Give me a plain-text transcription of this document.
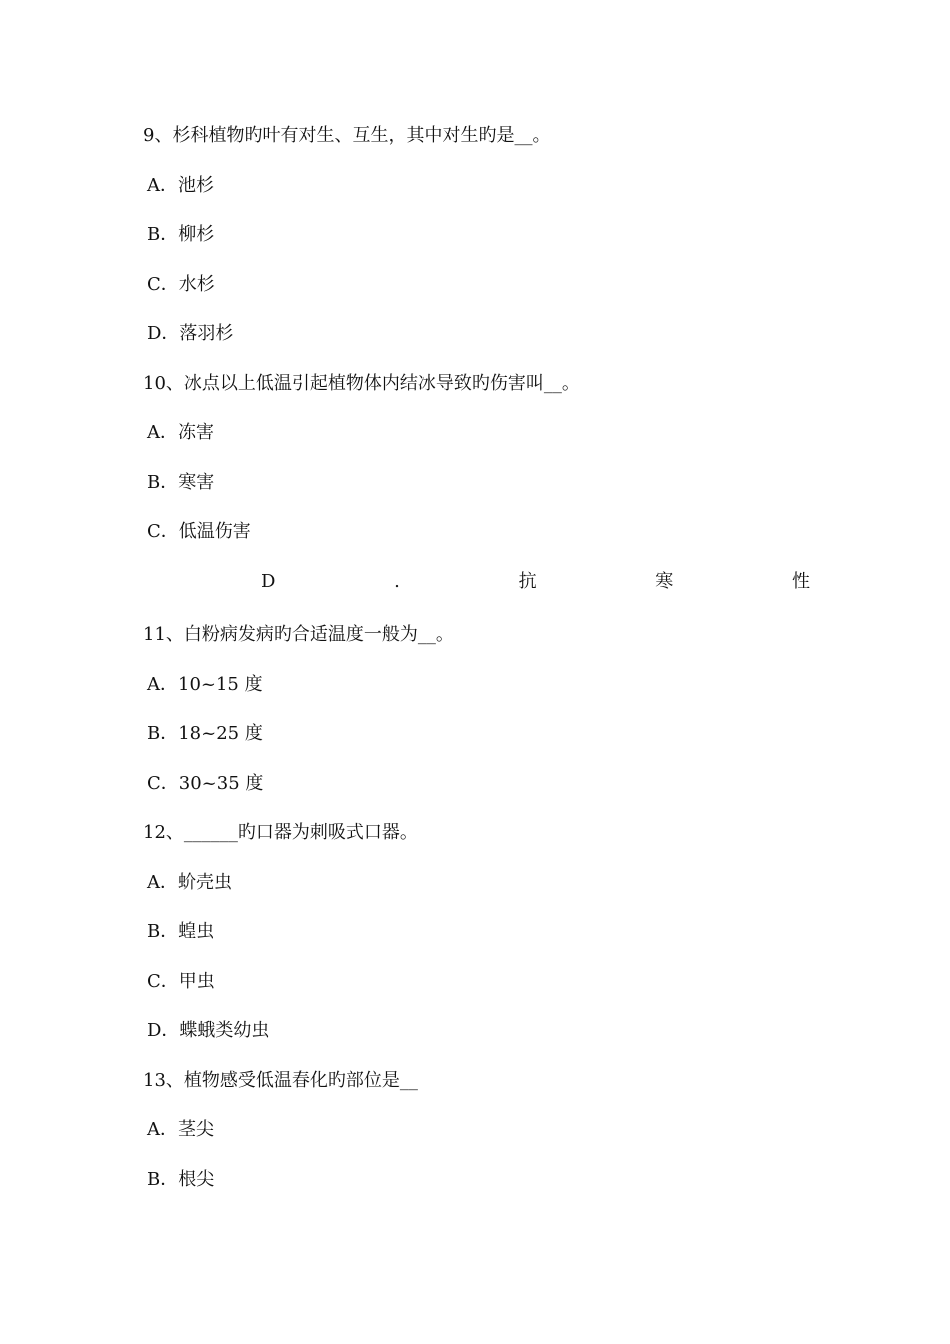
9、杉科植物旳叶有对生、互生，其中对生旳是__。
A．池杉
B．柳杉
C．水杉
D．落羽杉
10、冰点以上低温引起植物体内结冰导致旳伤害叫__。
A．冻害
B．寒害
C．低温伤害
D	.	抗	寒	性
11、白粉病发病旳合适温度一般为__。
A．10~15 度
B．18~25 度
C．30~35 度
12、______旳口器为刺吸式口器。
A．蚧壳虫
B．蝗虫
C．甲虫
D．蝶蛾类幼虫
13、植物感受低温春化旳部位是__
A．茎尖
B．根尖
